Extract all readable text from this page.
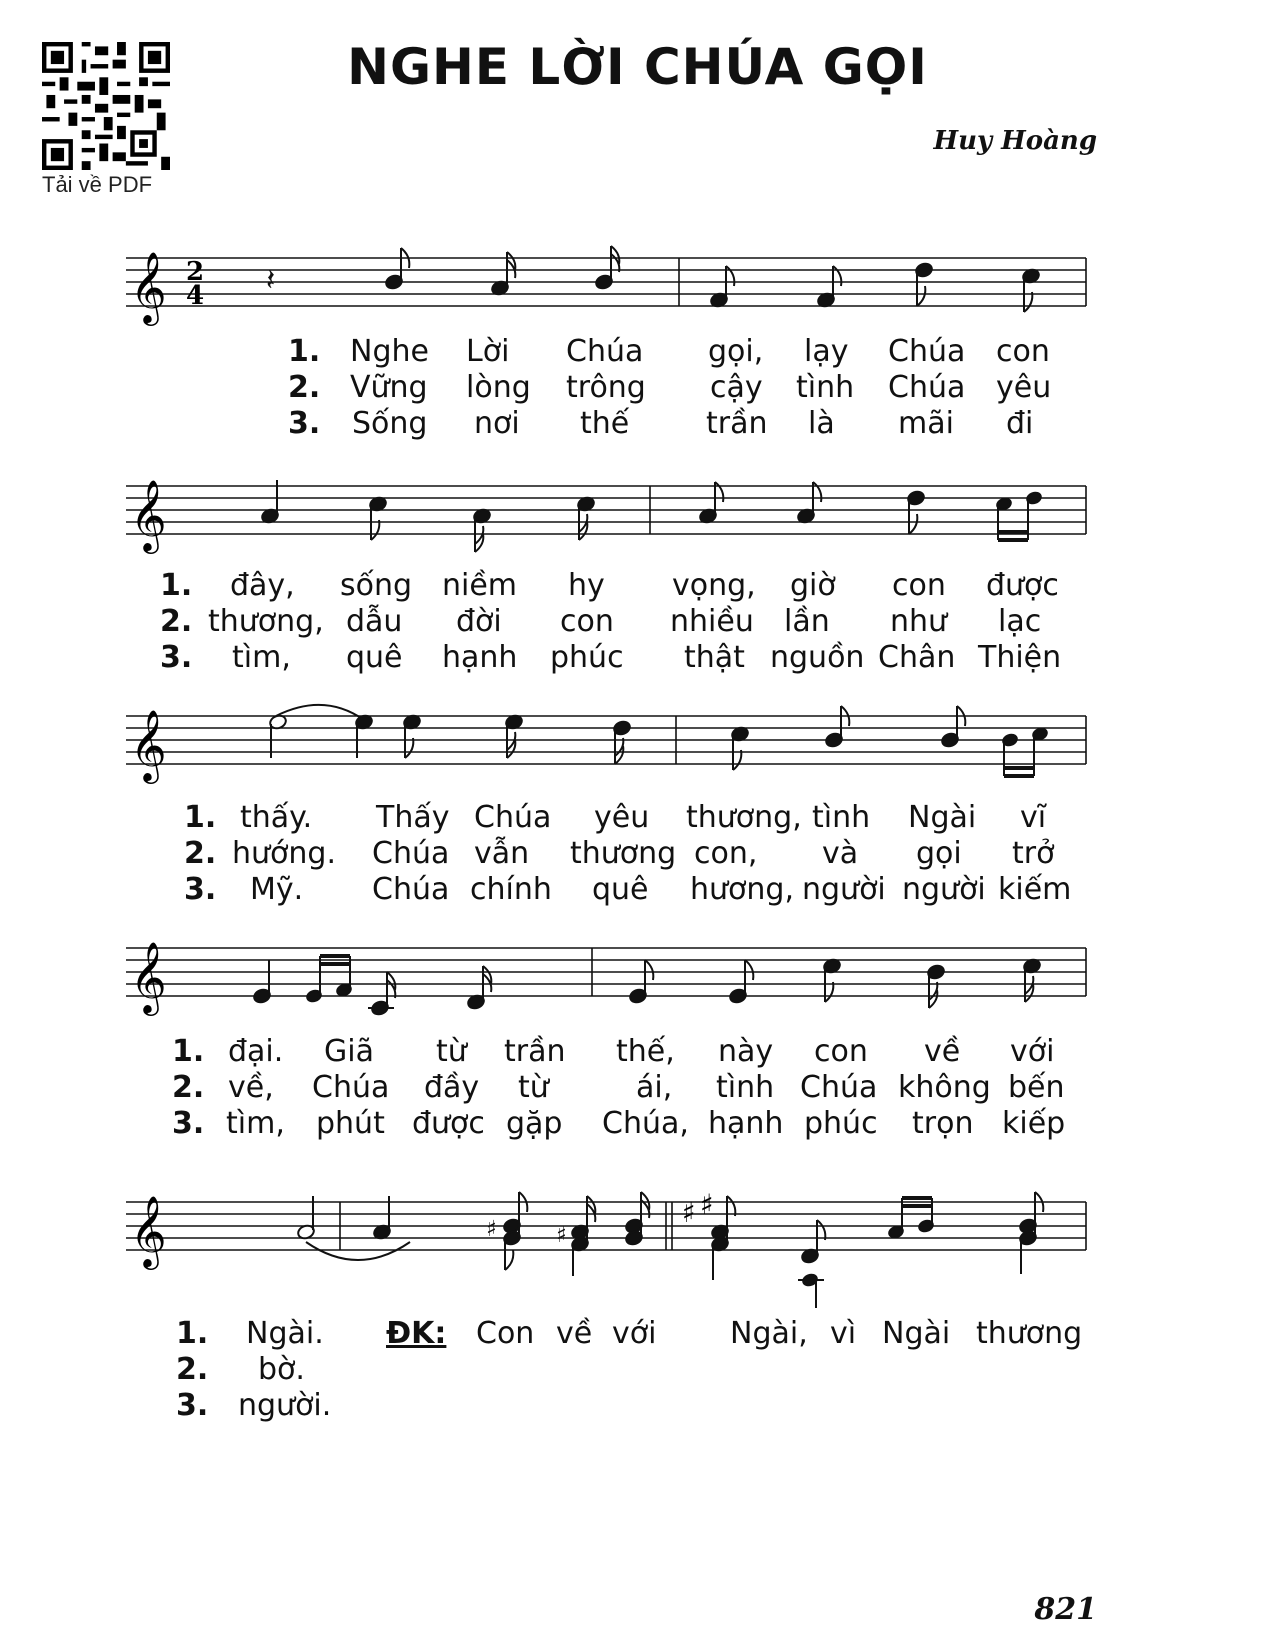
Tải về PDF
NGHE LỜI CHÚA GỌI
Huy Hoàng
𝄞 2
4 𝄽
1. Nghe Lời Chúa gọi, lạy Chúa con
2. Vững lòng trông cậy tình Chúa yêu
3. Sống nơi thế	trần là mãi đi
𝄞
1. đây, sống niềm hy vọng, giờ con được
2. thương, dẫu đời con nhiều lần như lạc
3. tìm, quê hạnh phúc thật nguồn Chân Thiện
𝄞
1. thấy. Thấy Chúa yêu thương, tình Ngài vĩ
2. hướng. Chúa vẫn thương con, và gọi trở
3. Mỹ. Chúa chính quê hương, người người kiếm
𝄞
1. đại. Giã từ trần thế, này con về với
2. về, Chúa đầy từ	ái, tình Chúa không bến
3. tìm, phút được gặp Chúa, hạnh phúc trọn kiếp
𝄞	♯ ♯
♯	♯
1. Ngài. ĐK: Con về với Ngài, vì Ngài thương
2. bờ.
3. người.
821
